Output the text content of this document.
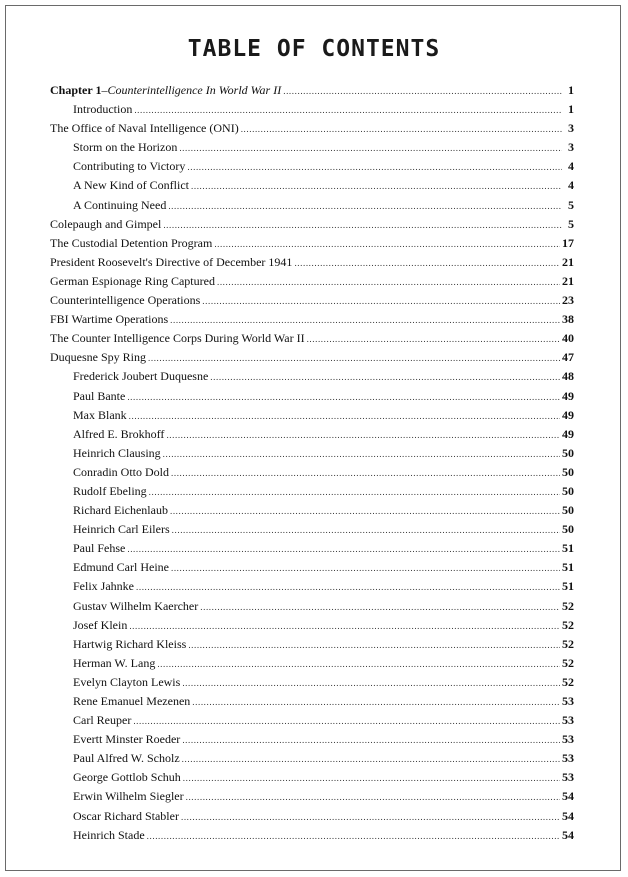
TABLE OF CONTENTS
Chapter 1–Counterintelligence In World War II .....	1
Introduction .....	1
The Office of Naval Intelligence (ONI) .....	3
Storm on the Horizon .....	3
Contributing to Victory .....	4
A New Kind of Conflict .....	4
A Continuing Need .....	5
Colepaugh and Gimpel .....	5
The Custodial Detention Program .....	17
President Roosevelt's Directive of December 1941 .....	21
German Espionage Ring Captured .....	21
Counterintelligence Operations .....	23
FBI Wartime Operations .....	38
The Counter Intelligence Corps During World War II .....	40
Duquesne Spy Ring .....	47
Frederick Joubert Duquesne .....	48
Paul Bante .....	49
Max Blank .....	49
Alfred E. Brokhoff .....	49
Heinrich Clausing .....	50
Conradin Otto Dold .....	50
Rudolf Ebeling .....	50
Richard Eichenlaub .....	50
Heinrich Carl Eilers .....	50
Paul Fehse .....	51
Edmund Carl Heine .....	51
Felix Jahnke .....	51
Gustav Wilhelm Kaercher .....	52
Josef Klein .....	52
Hartwig Richard Kleiss .....	52
Herman W. Lang .....	52
Evelyn Clayton Lewis .....	52
Rene Emanuel Mezenen .....	53
Carl Reuper .....	53
Evertt Minster Roeder .....	53
Paul Alfred W. Scholz .....	53
George Gottlob Schuh .....	53
Erwin Wilhelm Siegler .....	54
Oscar Richard Stabler .....	54
Heinrich Stade .....	54
